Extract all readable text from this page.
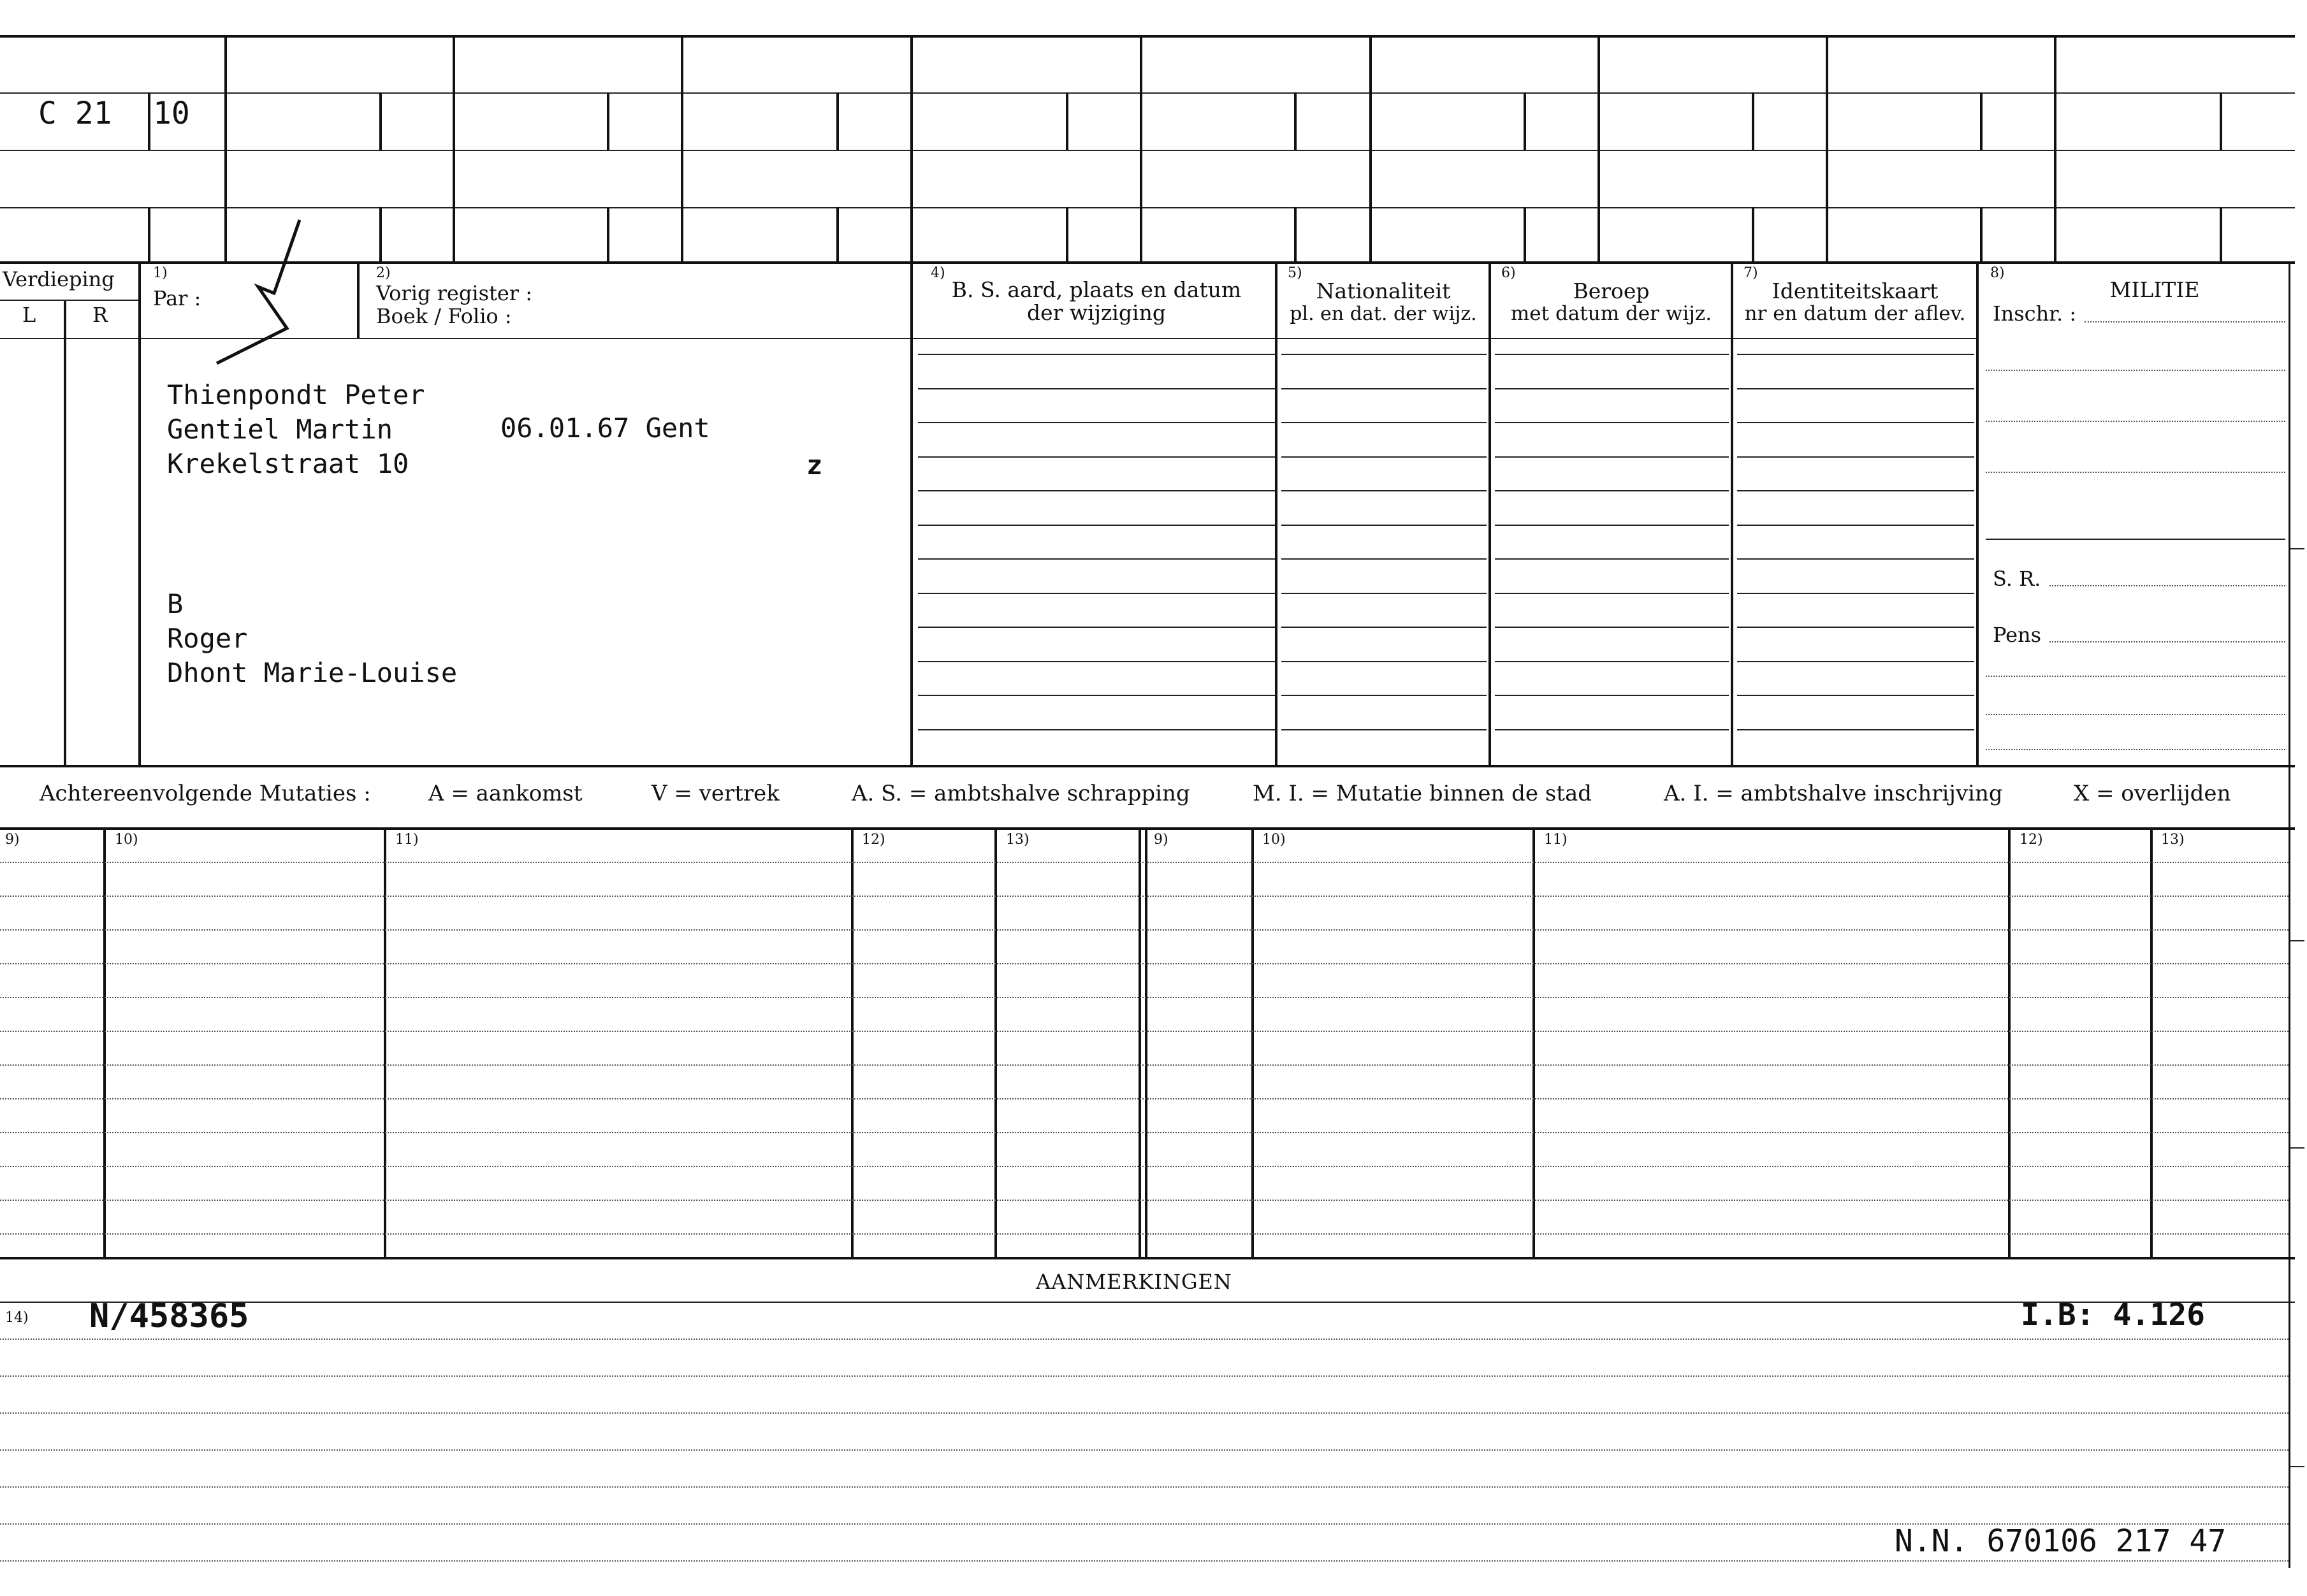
C 21 10
Verdieping
L	R
1)
Par :
2)
Vorig register :
Boek / Folio :
4)
B. S. aard, plaats en datum
der wijziging
5)
Nationaliteit
pl. en dat. der wijz.
6)
Beroep
met datum der wijz.
7)
Identiteitskaart
nr en datum der aflev.
8)
MILITIE
Inschr. :
S. R.
Pens
Thienpondt Peter
Gentiel Martin	06.01.67 Gent
Krekelstraat 10	z
B
Roger
Dhont Marie-Louise
Achtereenvolgende Mutaties :	A = aankomst	V = vertrek	A. S. = ambtshalve schrapping	M. I. = Mutatie binnen de stad	A. I. = ambtshalve inschrijving	X = overlijden
9)	10)	11)	12)	13)	9)	10)	11)	12)	13)
AANMERKINGEN
14) N/458365	I.B: 4.126
N.N. 670106 217 47
